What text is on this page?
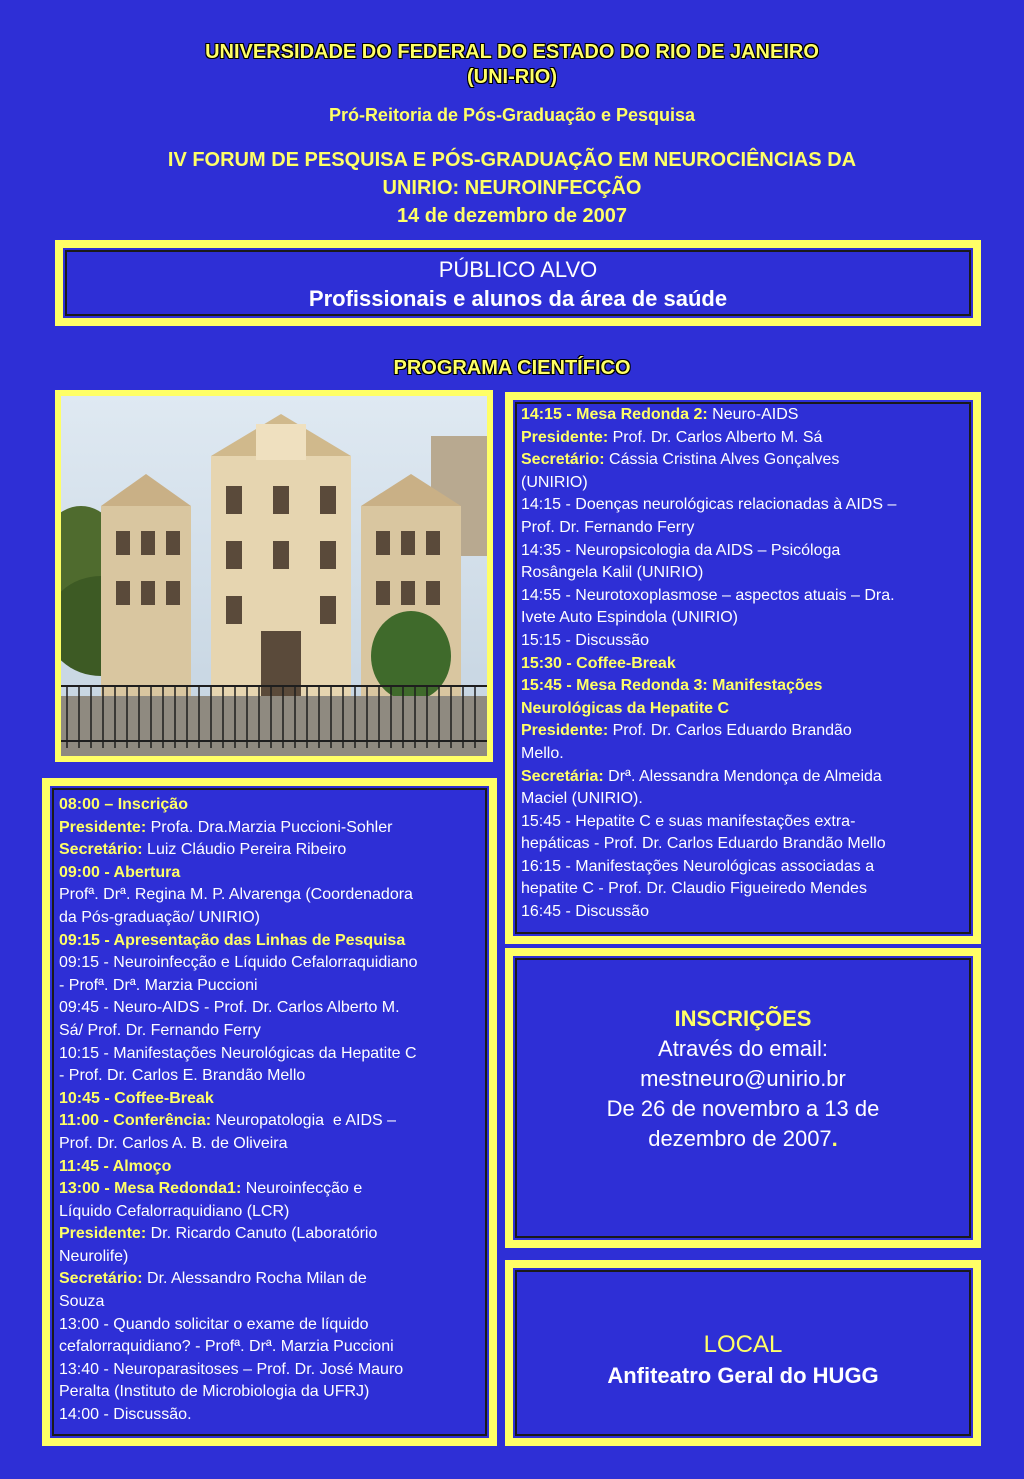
UNIVERSIDADE DO FEDERAL DO ESTADO DO RIO DE JANEIRO
(UNI-RIO)
Pró-Reitoria de Pós-Graduação e Pesquisa
IV FORUM DE PESQUISA E PÓS-GRADUAÇÃO EM NEUROCIÊNCIAS DA
UNIRIO: NEUROINFECÇÃO
14 de dezembro de 2007
PÚBLICO ALVO
Profissionais e alunos da área de saúde
PROGRAMA CIENTÍFICO
08:00 – Inscrição
Presidente: Profa. Dra.Marzia Puccioni-Sohler
Secretário: Luiz Cláudio Pereira Ribeiro
09:00 - Abertura
Profª. Drª. Regina M. P. Alvarenga (Coordenadora
da Pós-graduação/ UNIRIO)
09:15 - Apresentação das Linhas de Pesquisa
09:15 - Neuroinfecção e Líquido Cefalorraquidiano
- Profª. Drª. Marzia Puccioni
09:45 - Neuro-AIDS - Prof. Dr. Carlos Alberto M.
Sá/ Prof. Dr. Fernando Ferry
10:15 - Manifestações Neurológicas da Hepatite C
- Prof. Dr. Carlos E. Brandão Mello
10:45 - Coffee-Break
11:00 - Conferência: Neuropatologia  e AIDS –
Prof. Dr. Carlos A. B. de Oliveira
11:45 - Almoço
13:00 - Mesa Redonda1: Neuroinfecção e
Líquido Cefalorraquidiano (LCR)
Presidente: Dr. Ricardo Canuto (Laboratório
Neurolife)
Secretário: Dr. Alessandro Rocha Milan de
Souza
13:00 - Quando solicitar o exame de líquido
cefalorraquidiano? - Profª. Drª. Marzia Puccioni
13:40 - Neuroparasitoses – Prof. Dr. José Mauro
Peralta (Instituto de Microbiologia da UFRJ)
14:00 - Discussão.
14:15 - Mesa Redonda 2: Neuro-AIDS
Presidente: Prof. Dr. Carlos Alberto M. Sá
Secretário: Cássia Cristina Alves Gonçalves
(UNIRIO)
14:15 - Doenças neurológicas relacionadas à AIDS –
Prof. Dr. Fernando Ferry
14:35 - Neuropsicologia da AIDS – Psicóloga
Rosângela Kalil (UNIRIO)
14:55 - Neurotoxoplasmose – aspectos atuais – Dra.
Ivete Auto Espindola (UNIRIO)
15:15 - Discussão
15:30 - Coffee-Break
15:45 - Mesa Redonda 3: Manifestações
Neurológicas da Hepatite C
Presidente: Prof. Dr. Carlos Eduardo Brandão
Mello.
Secretária: Drª. Alessandra Mendonça de Almeida
Maciel (UNIRIO).
15:45 - Hepatite C e suas manifestações extra-
hepáticas - Prof. Dr. Carlos Eduardo Brandão Mello
16:15 - Manifestações Neurológicas associadas a
hepatite C - Prof. Dr. Claudio Figueiredo Mendes
16:45 - Discussão
INSCRIÇÕES
Através do email:
mestneuro@unirio.br
De 26 de novembro a 13 de
dezembro de 2007.
LOCAL
Anfiteatro Geral do HUGG
